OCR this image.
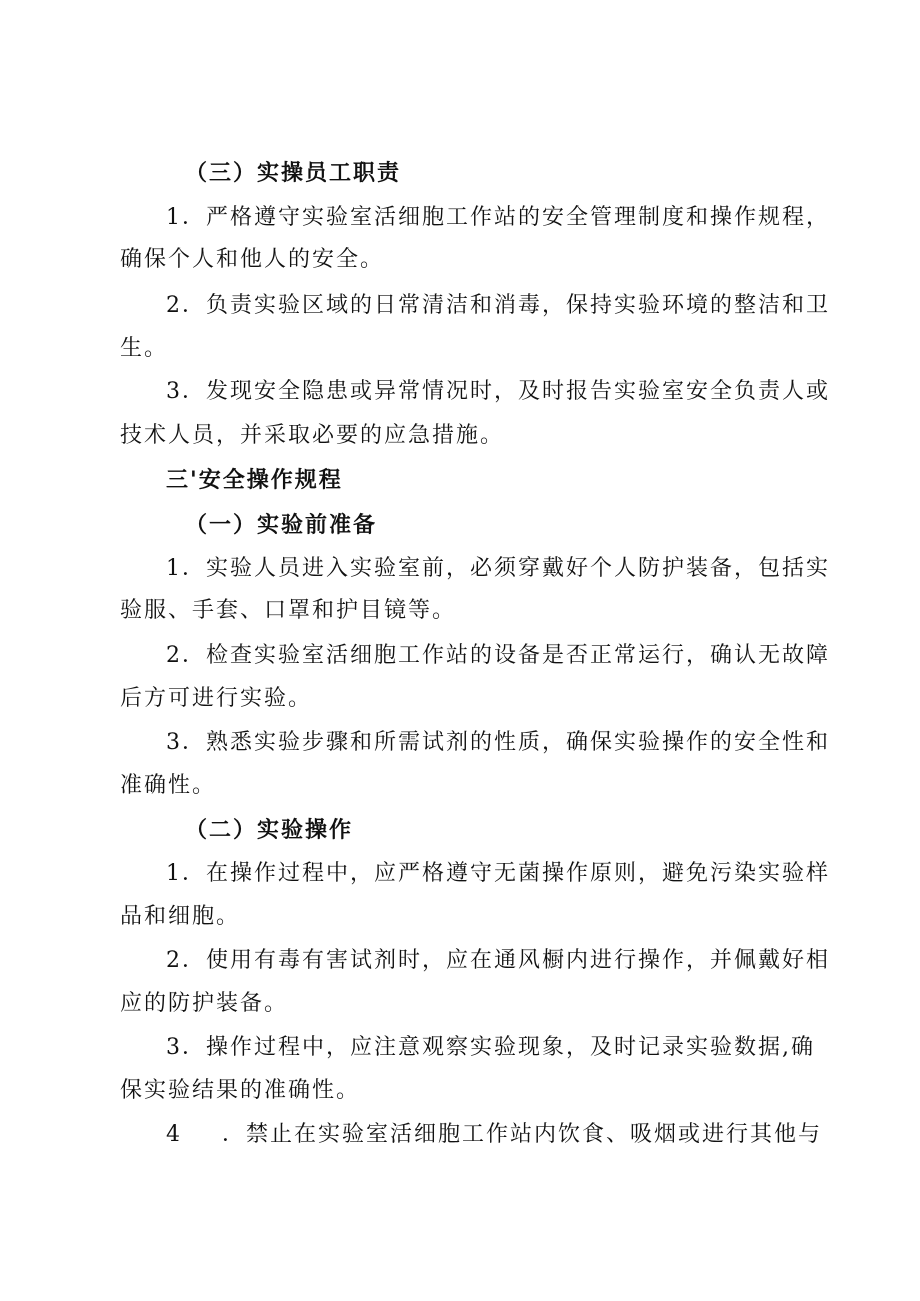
（三）实操员工职责
1．严格遵守实验室活细胞工作站的安全管理制度和操作规程，
确保个人和他人的安全。
2．负责实验区域的日常清洁和消毒，保持实验环境的整洁和卫
生。
3．发现安全隐患或异常情况时，及时报告实验室安全负责人或
技术人员，并采取必要的应急措施。
三'安全操作规程
（一）实验前准备
1．实验人员进入实验室前，必须穿戴好个人防护装备，包括实
验服、手套、口罩和护目镜等。
2．检查实验室活细胞工作站的设备是否正常运行，确认无故障
后方可进行实验。
3．熟悉实验步骤和所需试剂的性质，确保实验操作的安全性和
准确性。
（二）实验操作
1．在操作过程中，应严格遵守无菌操作原则，避免污染实验样
品和细胞。
2．使用有毒有害试剂时，应在通风橱内进行操作，并佩戴好相
应的防护装备。
3．操作过程中，应注意观察实验现象，及时记录实验数据,确
保实验结果的准确性。
4 ．禁止在实验室活细胞工作站内饮食、吸烟或进行其他与
